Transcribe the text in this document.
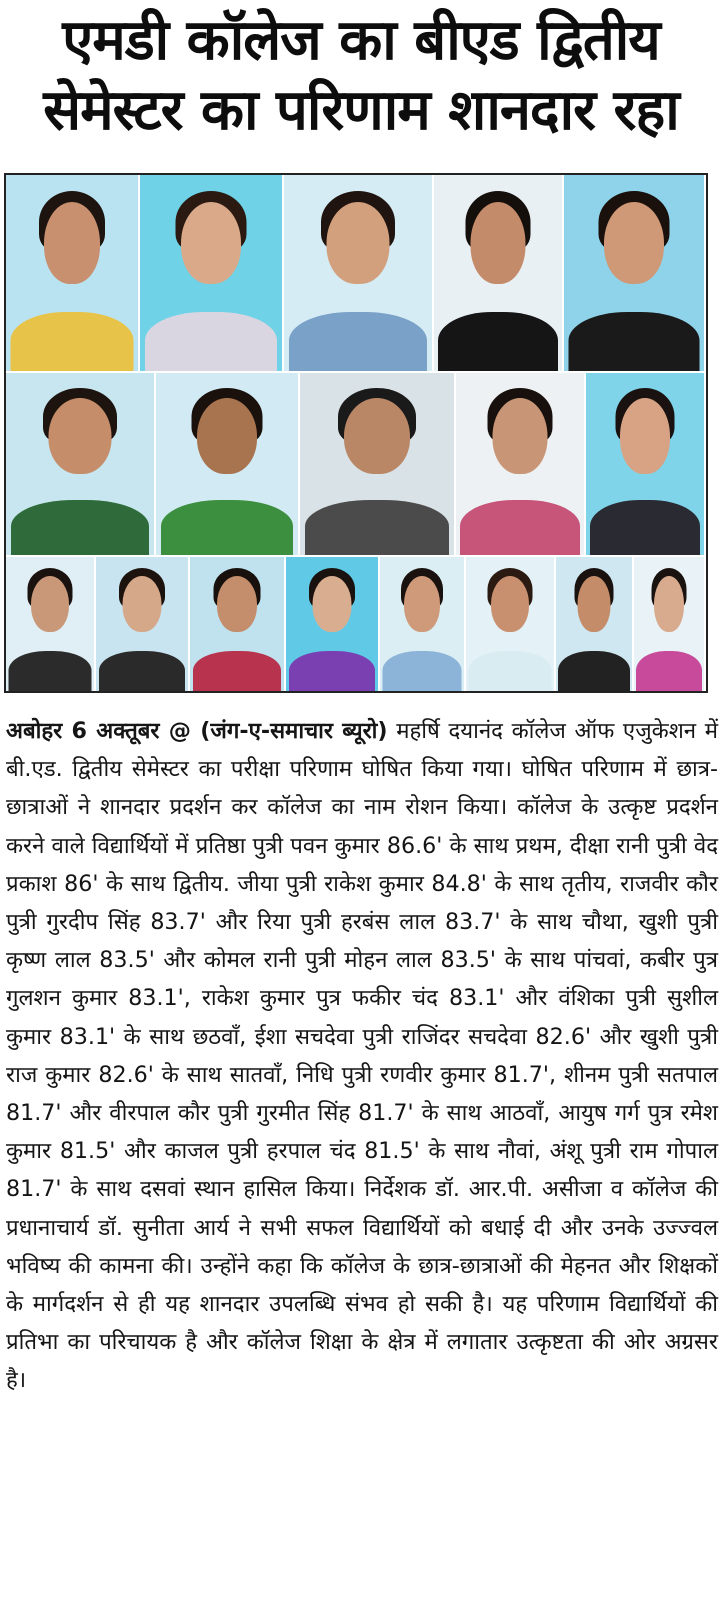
एमडी कॉलेज का बीएड द्वितीय
सेमेस्टर का परिणाम शानदार रहा
अबोहर 6 अक्तूबर @ (जंग-ए-समाचार ब्यूरो) महर्षि दयानंद कॉलेज ऑफ एजुकेशन में बी.एड. द्वितीय सेमेस्टर का परीक्षा परिणाम घोषित किया गया। घोषित परिणाम में छात्र-छात्राओं ने शानदार प्रदर्शन कर कॉलेज का नाम रोशन किया। कॉलेज के उत्कृष्ट प्रदर्शन करने वाले विद्यार्थियों में प्रतिष्ठा पुत्री पवन कुमार 86.6' के साथ प्रथम, दीक्षा रानी पुत्री वेद प्रकाश 86' के साथ द्वितीय. जीया पुत्री राकेश कुमार 84.8' के साथ तृतीय, राजवीर कौर पुत्री गुरदीप सिंह 83.7' और रिया पुत्री हरबंस लाल 83.7' के साथ चौथा, खुशी पुत्री कृष्ण लाल 83.5' और कोमल रानी पुत्री मोहन लाल 83.5' के साथ पांचवां, कबीर पुत्र गुलशन कुमार 83.1', राकेश कुमार पुत्र फकीर चंद 83.1' और वंशिका पुत्री सुशील कुमार 83.1' के साथ छठवाँ, ईशा सचदेवा पुत्री राजिंदर सचदेवा 82.6' और खुशी पुत्री राज कुमार 82.6' के साथ सातवाँ, निधि पुत्री रणवीर कुमार 81.7', शीनम पुत्री सतपाल 81.7' और वीरपाल कौर पुत्री गुरमीत सिंह 81.7' के साथ आठवाँ, आयुष गर्ग पुत्र रमेश कुमार 81.5' और काजल पुत्री हरपाल चंद 81.5' के साथ नौवां, अंशू पुत्री राम गोपाल 81.7' के साथ दसवां स्थान हासिल किया। निर्देशक डॉ. आर.पी. असीजा व कॉलेज की प्रधानाचार्य डॉ. सुनीता आर्य ने सभी सफल विद्यार्थियों को बधाई दी और उनके उज्ज्वल भविष्य की कामना की। उन्होंने कहा कि कॉलेज के छात्र-छात्राओं की मेहनत और शिक्षकों के मार्गदर्शन से ही यह शानदार उपलब्धि संभव हो सकी है। यह परिणाम विद्यार्थियों की प्रतिभा का परिचायक है और कॉलेज शिक्षा के क्षेत्र में लगातार उत्कृष्टता की ओर अग्रसर है।
